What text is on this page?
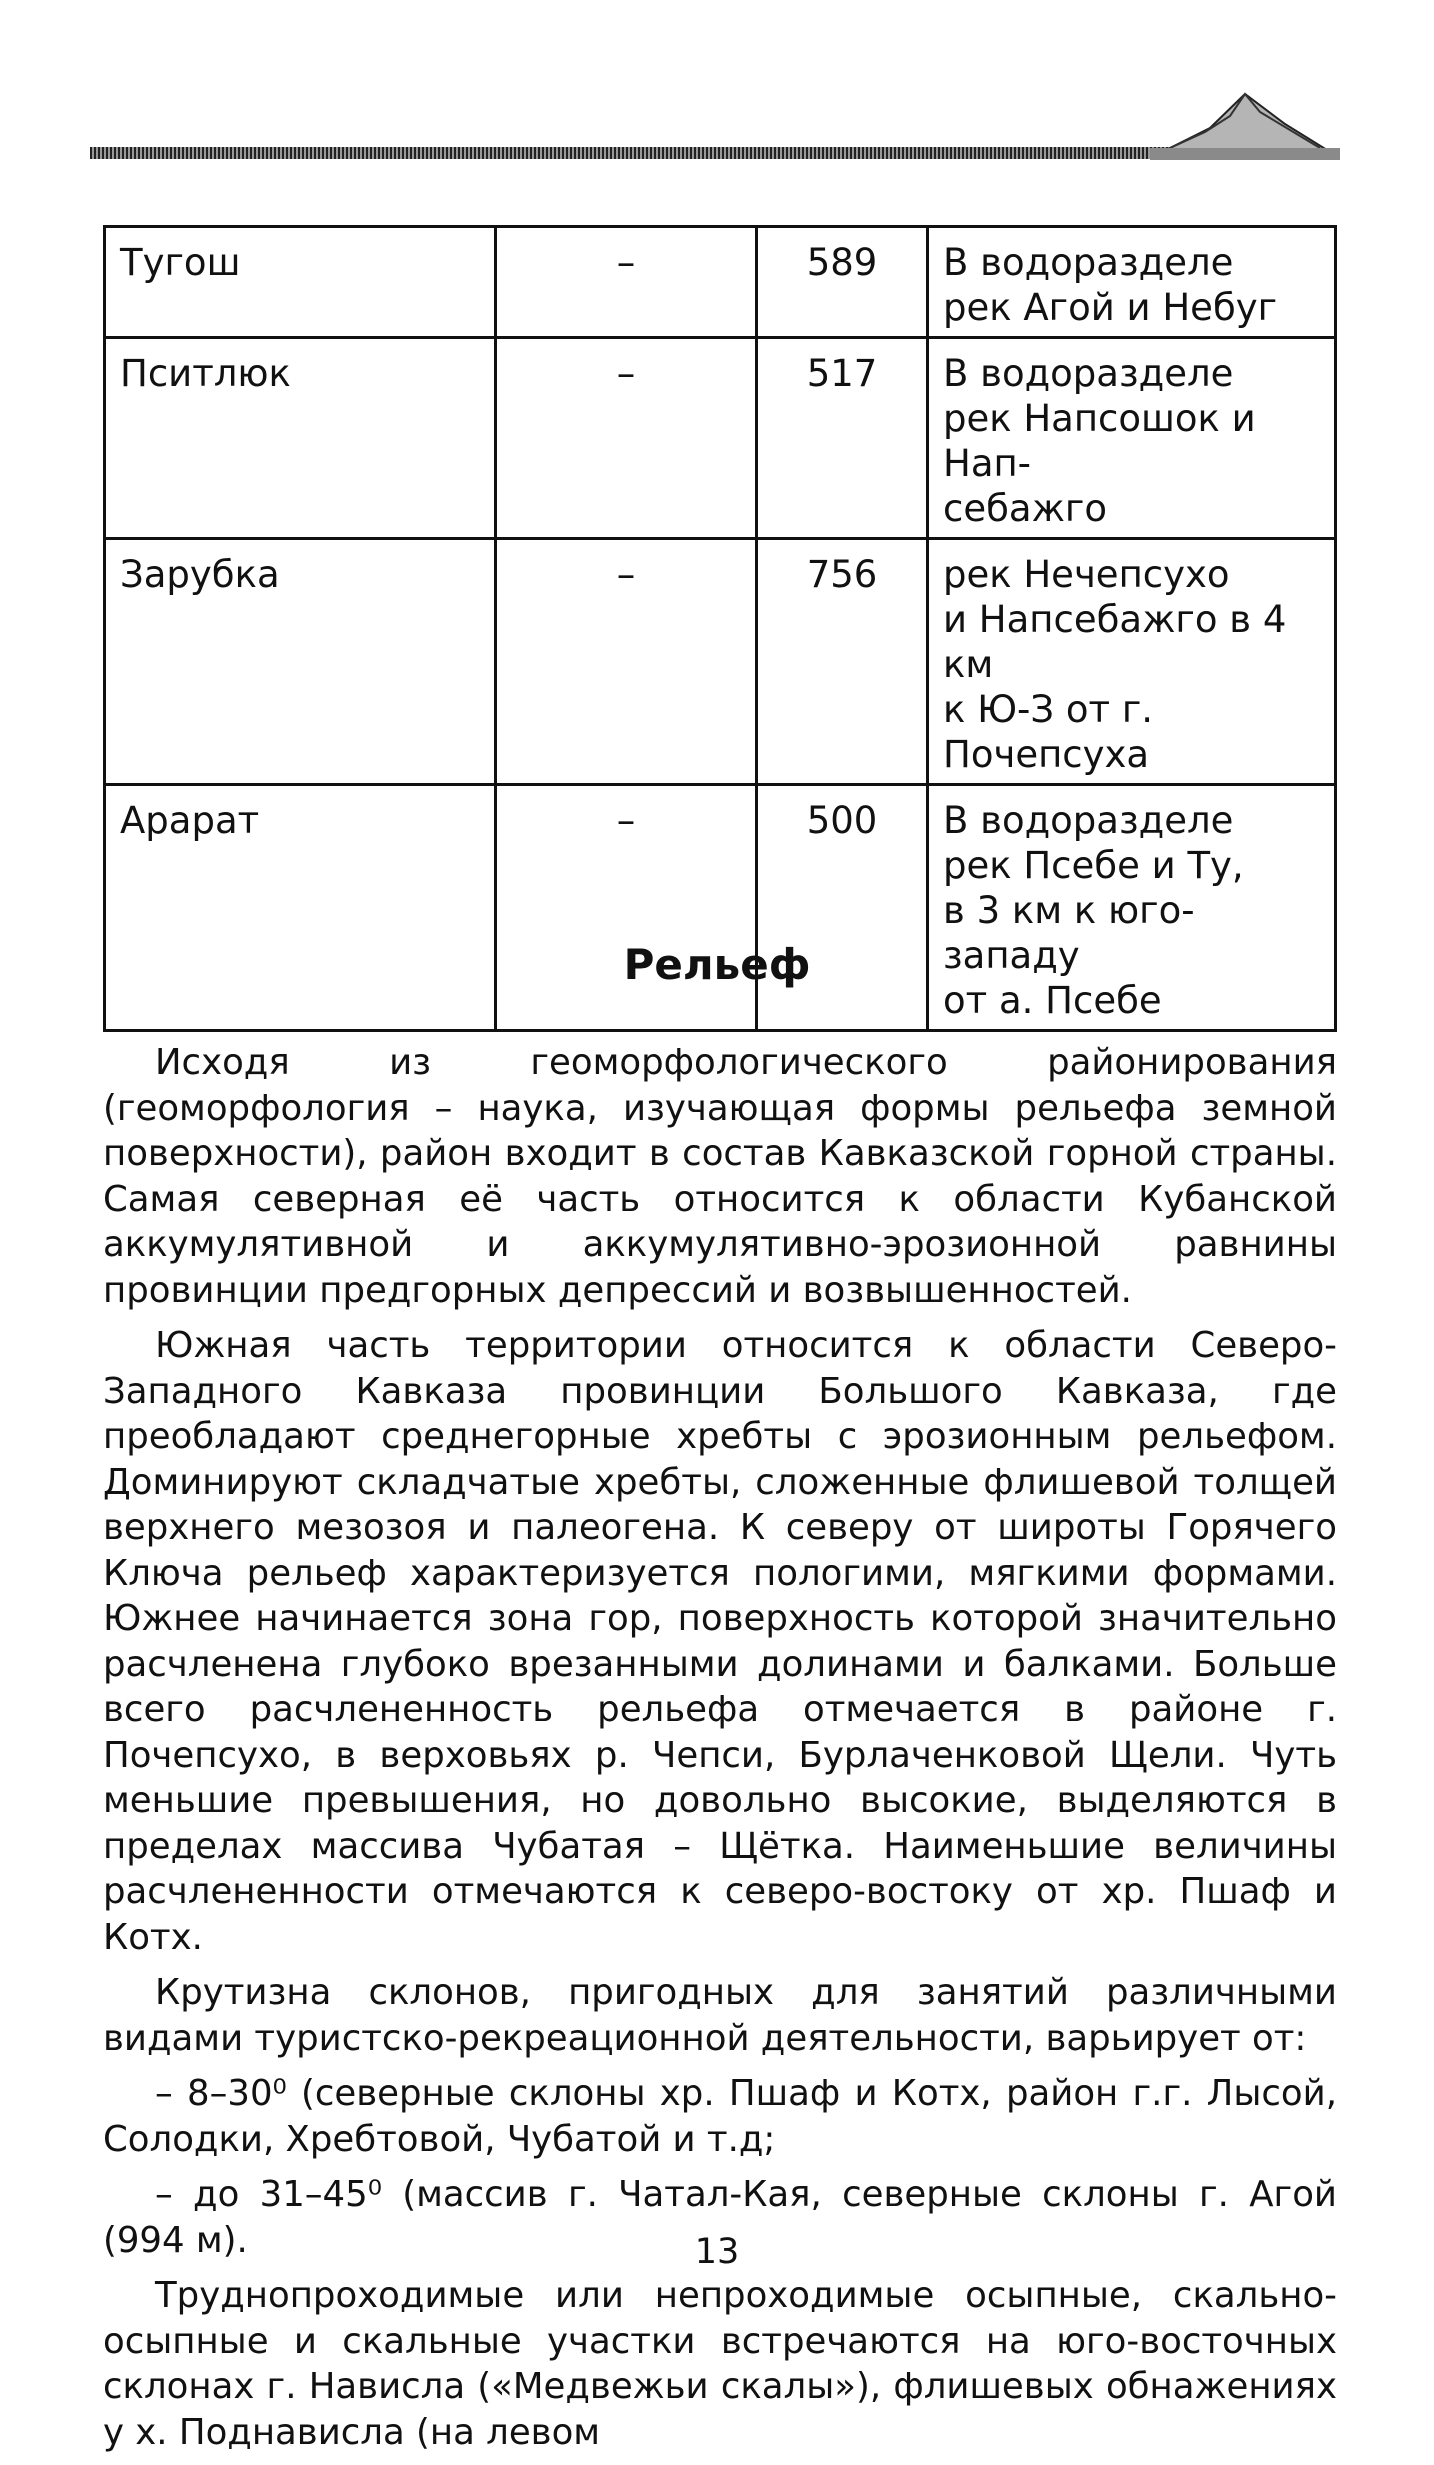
Тугош	–	589	В водоразделе
рек Агой и Небуг
Пситлюк	–	517	В водоразделе
рек Напсошок и Нап-
себажго
Зарубка	–	756	рек Нечепсухо
и Напсебажго в 4 км
к Ю-З от г. Почепсуха
Арарат	–	500	В водоразделе
рек Псебе и Ту,
в 3 км к юго-западу
от а. Псебе
Рельеф

Исходя из геоморфологического районирования (геоморфология – наука, изучающая формы рельефа земной поверхности), район входит в состав Кавказской горной страны. Самая северная её часть относится к области Кубанской аккумулятивной и аккумулятивно-эрозионной равнины провинции предгорных депрессий и возвышенностей.

Южная часть территории относится к области Северо-Западного Кавказа провинции Большого Кавказа, где преобладают среднегорные хребты с эрозионным рельефом. Доминируют складчатые хребты, сложенные флишевой толщей верхнего мезозоя и палеогена. К северу от широты Горячего Ключа рельеф характеризуется пологими, мягкими формами. Южнее начинается зона гор, поверхность которой значительно расчленена глубоко врезанными долинами и балками. Больше всего расчлененность рельефа отмечается в районе г. Почепсухо, в верховьях р. Чепси, Бурлаченковой Щели. Чуть меньшие превышения, но довольно высокие, выделяются в пределах массива Чубатая – Щётка. Наименьшие величины расчлененности отмечаются к северо-востоку от хр. Пшаф и Котх.

Крутизна склонов, пригодных для занятий различными видами туристско-рекреационной деятельности, варьирует от:

– 8–30⁰ (северные склоны хр. Пшаф и Котх, район г.г. Лысой, Солодки, Хребтовой, Чубатой и т.д;

– до 31–45⁰ (массив г. Чатал-Кая, северные склоны г. Агой (994 м).

Труднопроходимые или непроходимые осыпные, скально-осыпные и скальные участки встречаются на юго-восточных склонах г. Нависла («Медвежьи скалы»), флишевых обнажениях у х. Поднависла (на левом

13
